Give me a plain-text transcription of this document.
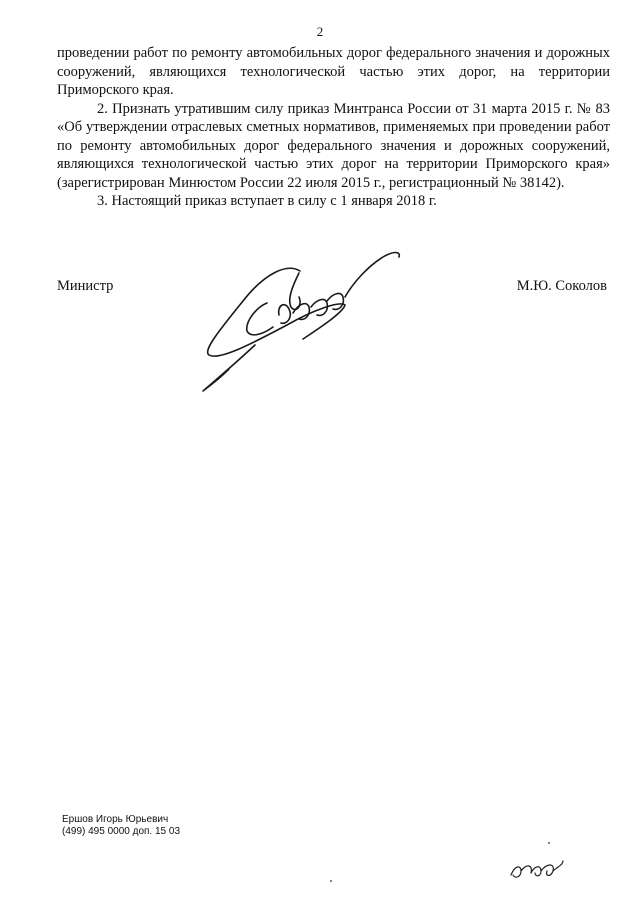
2

проведении работ по ремонту автомобильных дорог федерального значения и дорожных сооружений, являющихся технологической частью этих дорог, на территории Приморского края.

2. Признать утратившим силу приказ Минтранса России от 31 марта 2015 г. № 83 «Об утверждении отраслевых сметных нормативов, применяемых при проведении работ по ремонту автомобильных дорог федерального значения и дорожных сооружений, являющихся технологической частью этих дорог на территории Приморского края» (зарегистрирован Минюстом России 22 июля 2015 г., регистрационный № 38142).

3. Настоящий приказ вступает в силу с 1 января 2018 г.

Министр	М.Ю. Соколов
Ершов Игорь Юрьевич
(499) 495 0000 доп. 15 03
